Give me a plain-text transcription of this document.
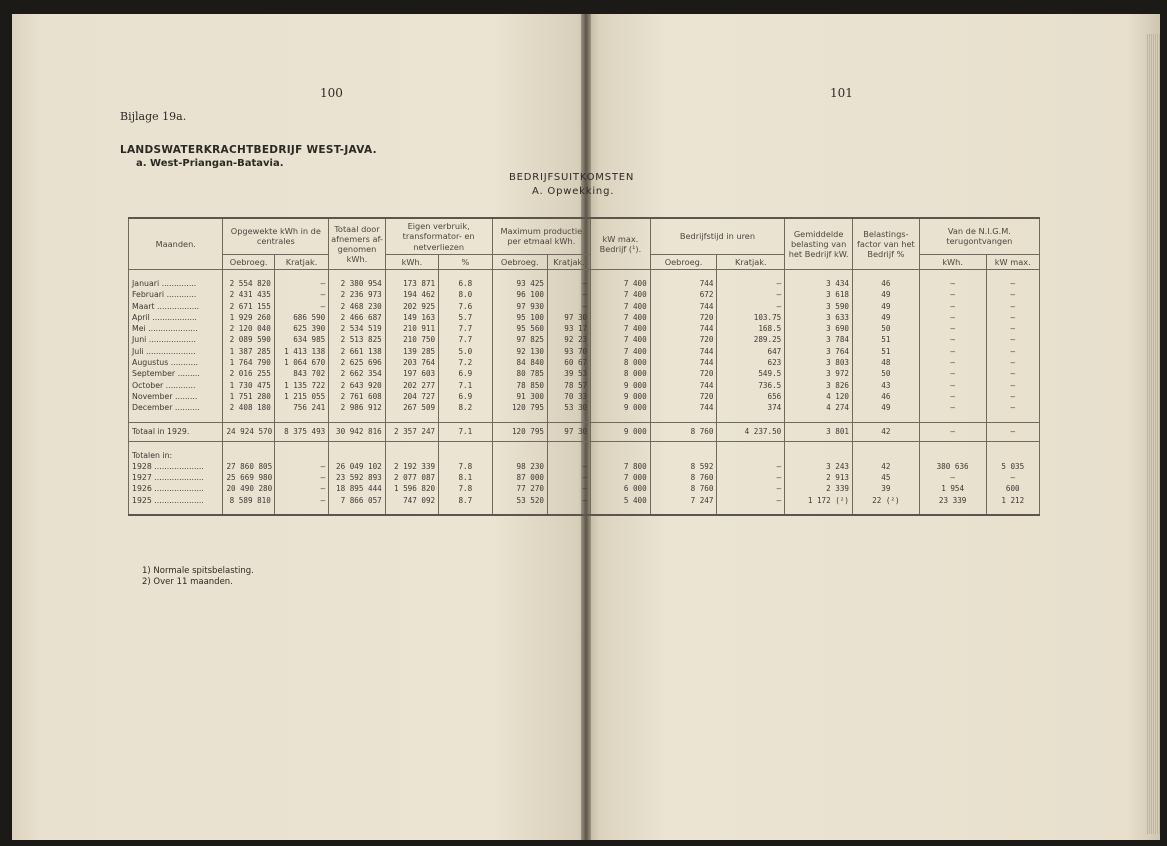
100	101
Bijlage 19a.
LANDSWATERKRACHTBEDRIJF WEST-JAVA.
a. West-Priangan-Batavia.
BEDRIJFSUITKOMSTEN
A. Opwekking.
Maanden.	Opgewekte kWh in de centrales		Totaal door afnemers af- genomen kWh.	Eigen verbruik, transformator- en netverliezen		Maximum productie per etmaal kWh.		kW max. Bedrijf (¹).	Bedrijfstijd in uren		Gemiddelde belasting van het Bedrijf kW.	Belastings- factor van het Bedrijf %	Van de N.I.G.M. terugontvangen	
	Oebroeg.	Kratjak.		kWh.	%	Oebroeg.	Kratjak.		Oebroeg.	Kratjak.			kWh.	kW max.

Januari ..............	2 554 820	—	2 380 954	173 871	6.8	93 425	—	7 400	744	—	3 434	46	—	—
Februari ............	2 431 435	—	2 236 973	194 462	8.0	96 100	—	7 400	672	—	3 618	49	—	—
Maart .................	2 671 155	—	2 468 230	202 925	7.6	97 930	—	7 400	744	—	3 590	49	—	—
April ..................	1 929 260	686 590	2 466 687	149 163	5.7	95 100	97 30	7 400	720	103.75	3 633	49	—	—
Mei ....................	2 120 040	625 390	2 534 519	210 911	7.7	95 560	93 17	7 400	744	168.5	3 690	50	—	—
Juni ...................	2 089 590	634 985	2 513 825	210 750	7.7	97 825	92 23	7 400	720	289.25	3 784	51	—	—
Juli ....................	1 387 285	1 413 138	2 661 138	139 285	5.0	92 130	93 70	7 400	744	647	3 764	51	—	—
Augustus ...........	1 764 790	1 064 670	2 625 696	203 764	7.2	84 840	60 67	8 000	744	623	3 803	48	—	—
September .........	2 016 255	843 702	2 662 354	197 603	6.9	80 785	39 53	8 000	720	549.5	3 972	50	—	—
October ............	1 730 475	1 135 722	2 643 920	202 277	7.1	78 850	78 57	9 000	744	736.5	3 826	43	—	—
November .........	1 751 280	1 215 055	2 761 608	204 727	6.9	91 300	70 33	9 000	720	656	4 120	46	—	—
December ..........	2 408 180	756 241	2 986 912	267 509	8.2	120 795	53 30	9 000	744	374	4 274	49	—	—

Totaal in 1929.	24 924 570	8 375 493	30 942 816	2 357 247	7.1	120 795	97 30	9 000	8 760	4 237.50	3 801	42	—	—

Totalen in:														
1928 ....................	27 860 805	—	26 049 102	2 192 339	7.8	98 230	—	7 800	8 592	—	3 243	42	380 636	5 035
1927 ....................	25 669 980	—	23 592 893	2 077 087	8.1	87 000	—	7 000	8 760	—	2 913	45	—	—
1926 ....................	20 490 280	—	18 895 444	1 596 820	7.8	77 270	—	6 000	8 760	—	2 339	39	1 954	600
1925 ....................	8 589 810	—	7 866 057	747 092	8.7	53 520	—	5 400	7 247	—	1 172 (²)	22 (²)	23 339	1 212

1) Normale spitsbelasting.
2) Over 11 maanden.
